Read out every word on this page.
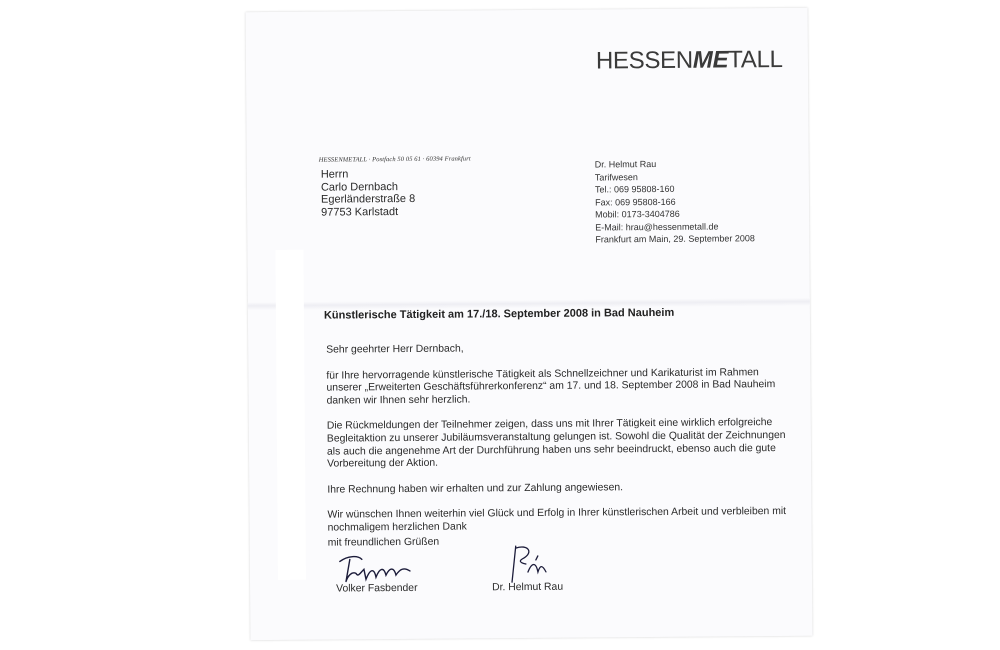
HESSENMETALL
HESSENMETALL · Postfach 50 05 61 · 60394 Frankfurt
Herrn
Carlo Dernbach
Egerländerstraße 8
97753 Karlstadt
Dr. Helmut Rau
Tarifwesen
Tel.: 069 95808-160
Fax: 069 95808-166
Mobil: 0173-3404786
E-Mail: hrau@hessenmetall.de
Frankfurt am Main, 29. September 2008
Künstlerische Tätigkeit am 17./18. September 2008 in Bad Nauheim

Sehr geehrter Herr Dernbach,

für Ihre hervorragende künstlerische Tätigkeit als Schnellzeichner und Karikaturist im Rahmen unserer „Erweiterten Geschäftsführerkonferenz“ am 17. und 18. September 2008 in Bad Nauheim danken wir Ihnen sehr herzlich.

Die Rückmeldungen der Teilnehmer zeigen, dass uns mit Ihrer Tätigkeit eine wirklich erfolgreiche Begleitaktion zu unserer Jubiläumsveranstaltung gelungen ist. Sowohl die Qualität der Zeichnungen als auch die angenehme Art der Durchführung haben uns sehr beeindruckt, ebenso auch die gute Vorbereitung der Aktion.

Ihre Rechnung haben wir erhalten und zur Zahlung angewiesen.

Wir wünschen Ihnen weiterhin viel Glück und Erfolg in Ihrer künstlerischen Arbeit und verbleiben mit nochmaligem herzlichen Dank

mit freundlichen Grüßen
Volker Fasbender	Dr. Helmut Rau
